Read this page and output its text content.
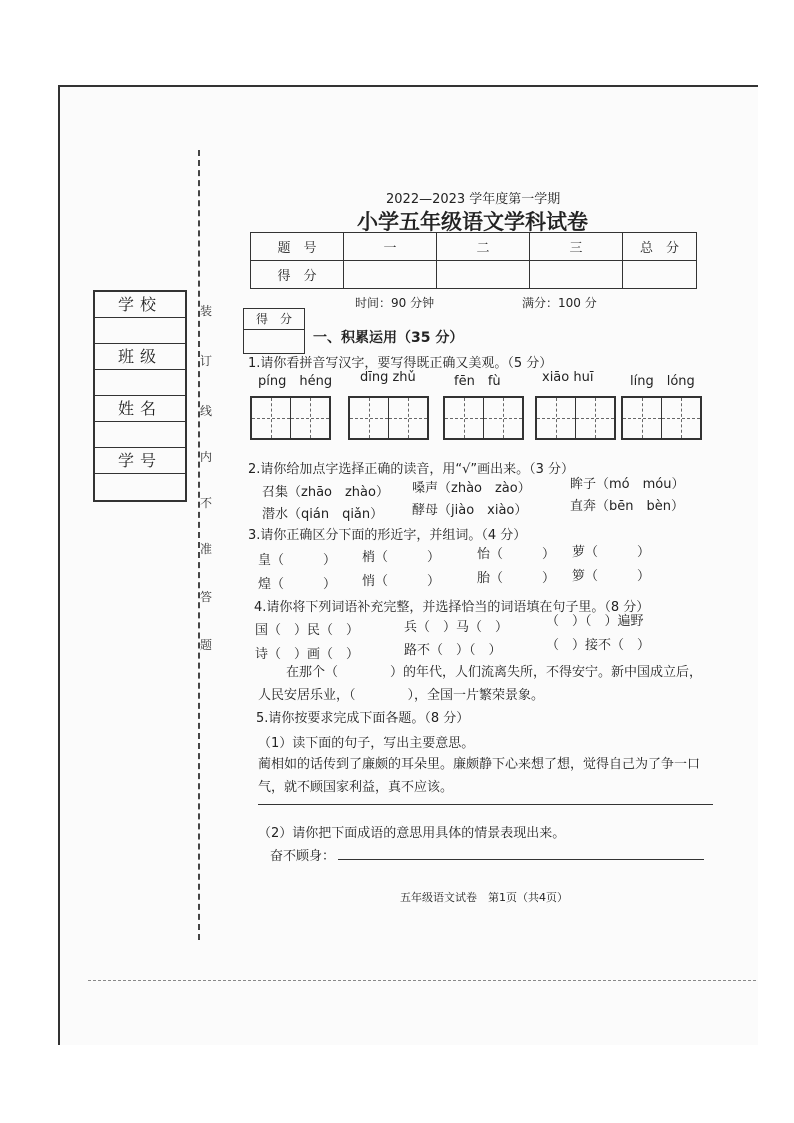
装
订
线
内
不
准
答
题
学校
班级
姓名
学号
2022—2023 学年度第一学期
小学五年级语文学科试卷
题　号	一	二	三	总　分
得　分				
时间：90 分钟	满分：100 分
得　分
一、积累运用（35 分）
1.请你看拼音写汉字，要写得既正确又美观。（5 分）
píng　héng dīng zhǔ	fēn　fù	xiāo huī	líng　lóng
2.请你给加点字选择正确的读音，用“√”画出来。（3 分）
召集（zhāo　zhào） 嗓声（zhào　zào）	眸子（mó　móu）
潜水（qián　qiǎn） 酵母（jiào　xiào）	直奔（bēn　bèn）
3.请你正确区分下面的形近字，并组词。（4 分）
皇（　　　） 梢（　　　）	怡（　　　） 萝（　　　）
煌（　　　） 悄（　　　）	胎（　　　） 箩（　　　）
4.请你将下列词语补充完整，并选择恰当的词语填在句子里。（8 分）
国（　）民（　）	兵（　）马（　）	（　）（　）遍野
诗（　）画（　）	路不（　）（　）	（　）接不（　）
在那个（　　　　）的年代，人们流离失所，不得安宁。新中国成立后，
人民安居乐业，（　　　　），全国一片繁荣景象。
5.请你按要求完成下面各题。（8 分）
（1）读下面的句子，写出主要意思。
蔺相如的话传到了廉颇的耳朵里。廉颇静下心来想了想，觉得自己为了争一口
气，就不顾国家利益，真不应该。
（2）请你把下面成语的意思用具体的情景表现出来。
奋不顾身：
五年级语文试卷　第1页（共4页）
